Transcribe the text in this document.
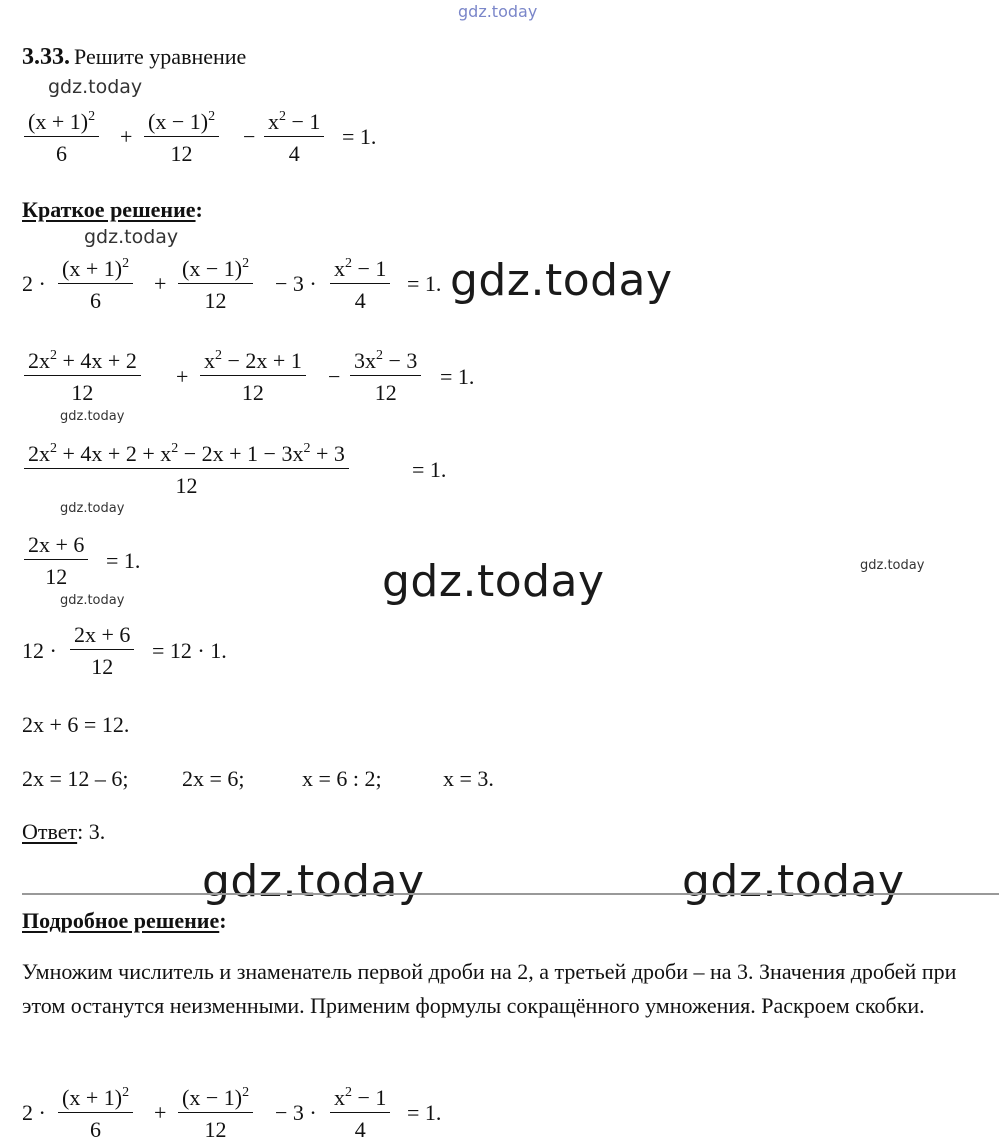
gdz.today
gdz.today
gdz.today
gdz.today
gdz.today
gdz.today
gdz.today
gdz.today
gdz.today
gdz.today	gdz.today
3.33. Решите уравнение
$(x + 1)^2$
6
+
$(x - 1)^2$
12
−
$x^2 - 1$
4
= 1.
Краткое решение:
2 ·
$(x + 1)^2$
6
+
$(x - 1)^2$
12
− 3 ·
$x^2 - 1$
4
= 1.
$2x^2 + 4x + 2$
12
+
$x^2 - 2x + 1$
12
−
$3x^2 - 3$
12
= 1.
$2x^2 + 4x + 2 + x^2 - 2x + 1 - 3x^2 + 3$
12
= 1.
2x + 6
12
= 1.
12 ·
2x + 6
12
= 12 · 1.
2x + 6 = 12.
2x = 12 – 6; 2x = 6;	x = 6 : 2;	x = 3.
Ответ: 3.
Подробное решение:
Умножим числитель и знаменатель первой дроби на 2, а третьей дроби – на 3. Значения дробей при этом останутся неизменными. Применим формулы сокращённого умножения. Раскроем скобки.
2 ·
$(x + 1)^2$
6
+
$(x - 1)^2$
12
− 3 ·
$x^2 - 1$
4
= 1.
